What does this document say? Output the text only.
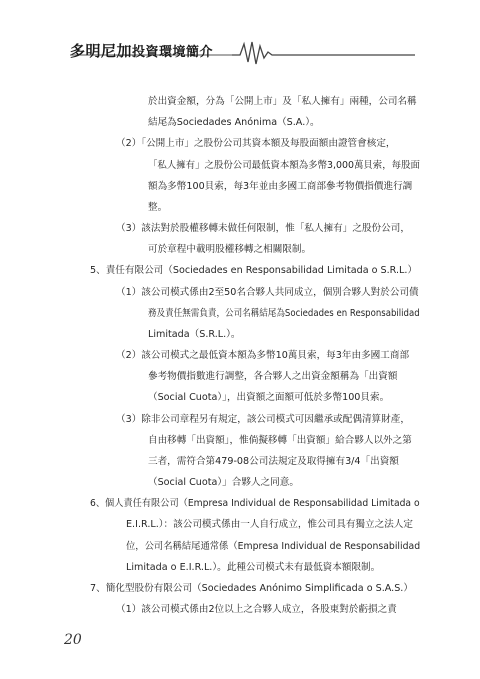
多明尼加投資環境簡介
於出資金額，分為「公開上市」及「私人擁有」兩種，公司名稱
結尾為Sociedades Anónima（S.A.）。
（2）「公開上市」之股份公司其資本額及每股面額由證管會核定，
「私人擁有」之股份公司最低資本額為多幣3,000萬貝索，每股面
額為多幣100貝索，每3年並由多國工商部參考物價指價進行調
整。
（3）該法對於股權移轉未做任何限制，惟「私人擁有」之股份公司，
可於章程中載明股權移轉之相關限制。
5、責任有限公司（Sociedades en Responsabilidad Limitada o S.R.L.）
（1）該公司模式係由2至50名合夥人共同成立，個別合夥人對於公司債
務及責任無需負責，公司名稱結尾為Sociedades en Responsabilidad
Limitada（S.R.L.）。
（2）該公司模式之最低資本額為多幣10萬貝索，每3年由多國工商部
參考物價指數進行調整，各合夥人之出資金額稱為「出資額
（Social Cuota）」，出資額之面額可低於多幣100貝索。
（3）除非公司章程另有規定，該公司模式可因繼承或配偶清算財產，
自由移轉「出資額」，惟倘擬移轉「出資額」給合夥人以外之第
三者，需符合第479-08公司法規定及取得擁有3/4「出資額
（Social Cuota）」合夥人之同意。
6、個人責任有限公司（Empresa Individual de Responsabilidad Limitada o
E.I.R.L.）：該公司模式係由一人自行成立，惟公司具有獨立之法人定
位，公司名稱結尾通常係（Empresa Individual de Responsabilidad
Limitada o E.I.R.L.）。此種公司模式未有最低資本額限制。
7、簡化型股份有限公司（Sociedades Anónimo Simplificada o S.A.S.）
（1）該公司模式係由2位以上之合夥人成立，各股東對於虧損之責
20
